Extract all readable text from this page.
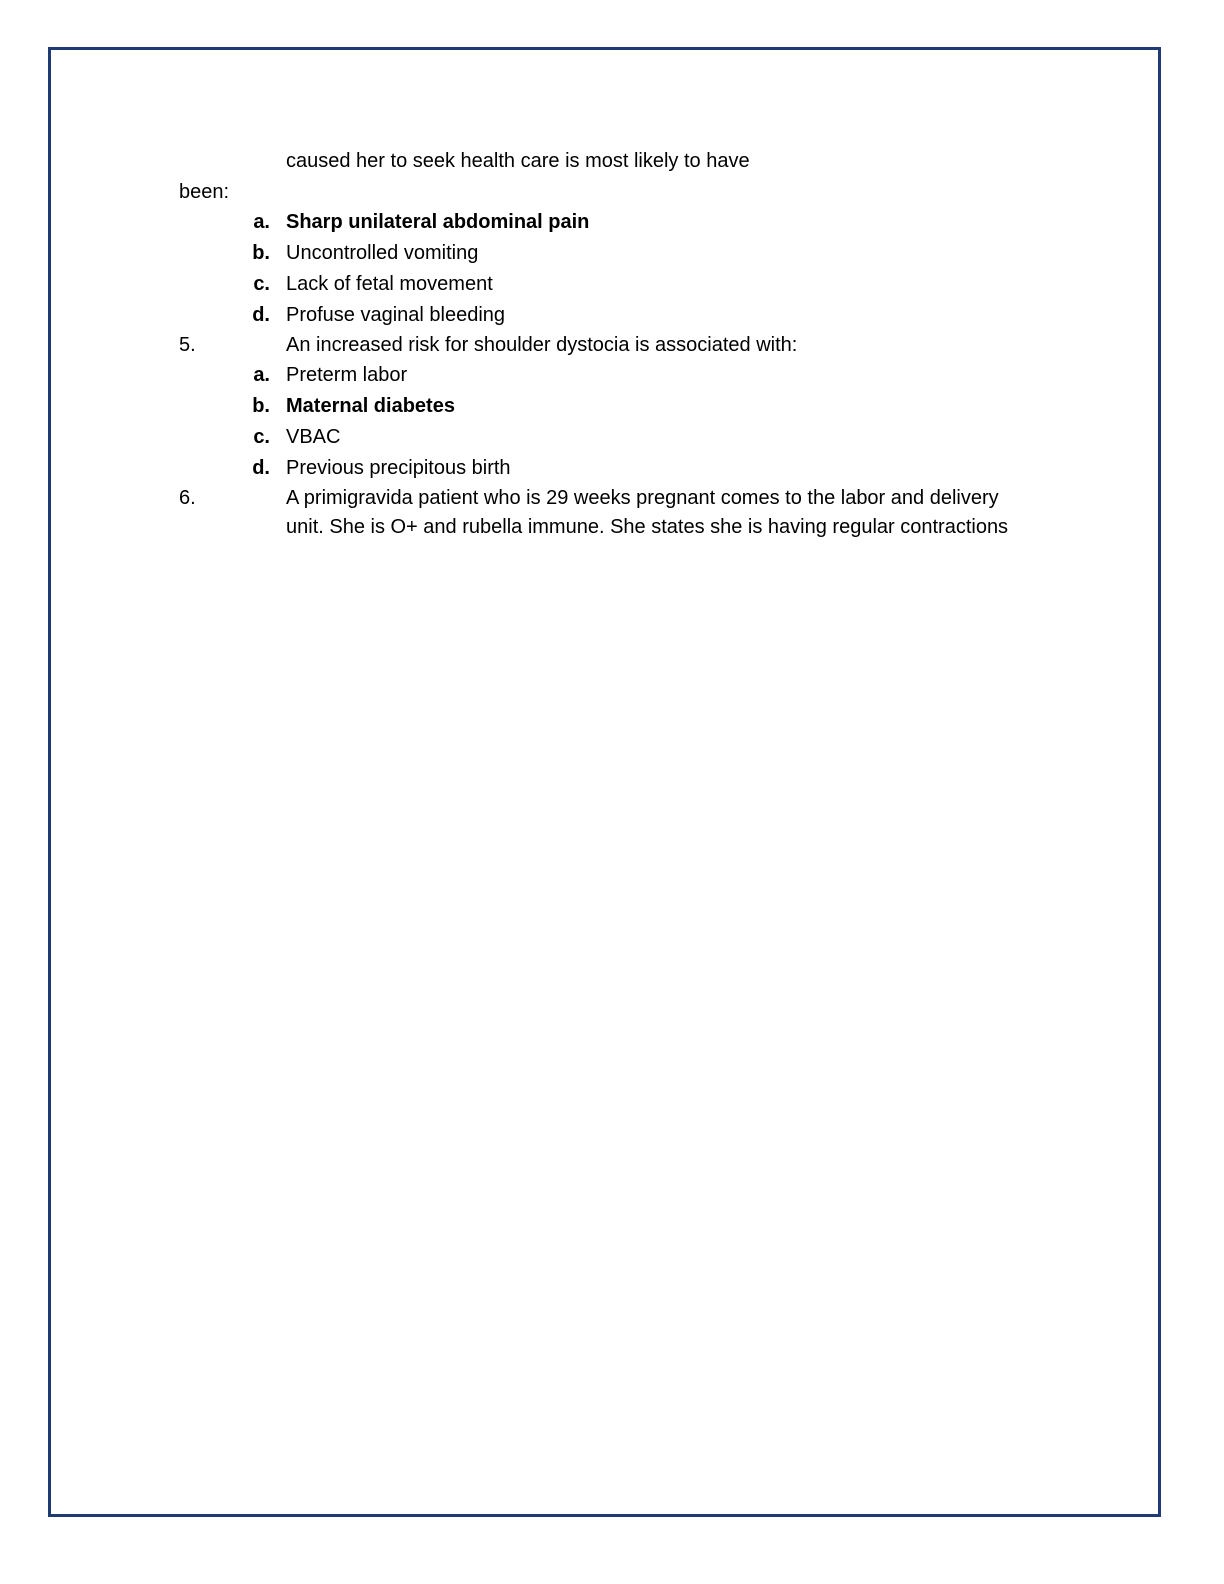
caused her to seek health care is most likely to have
been:
a. Sharp unilateral abdominal pain
b. Uncontrolled vomiting
c. Lack of fetal movement
d. Profuse vaginal bleeding
5.	An increased risk for shoulder dystocia is associated with:
a. Preterm labor
b. Maternal diabetes
c. VBAC
d. Previous precipitous birth
6.	A primigravida patient who is 29 weeks pregnant comes to the labor and delivery
unit. She is O+ and rubella immune. She states she is having regular contractions
